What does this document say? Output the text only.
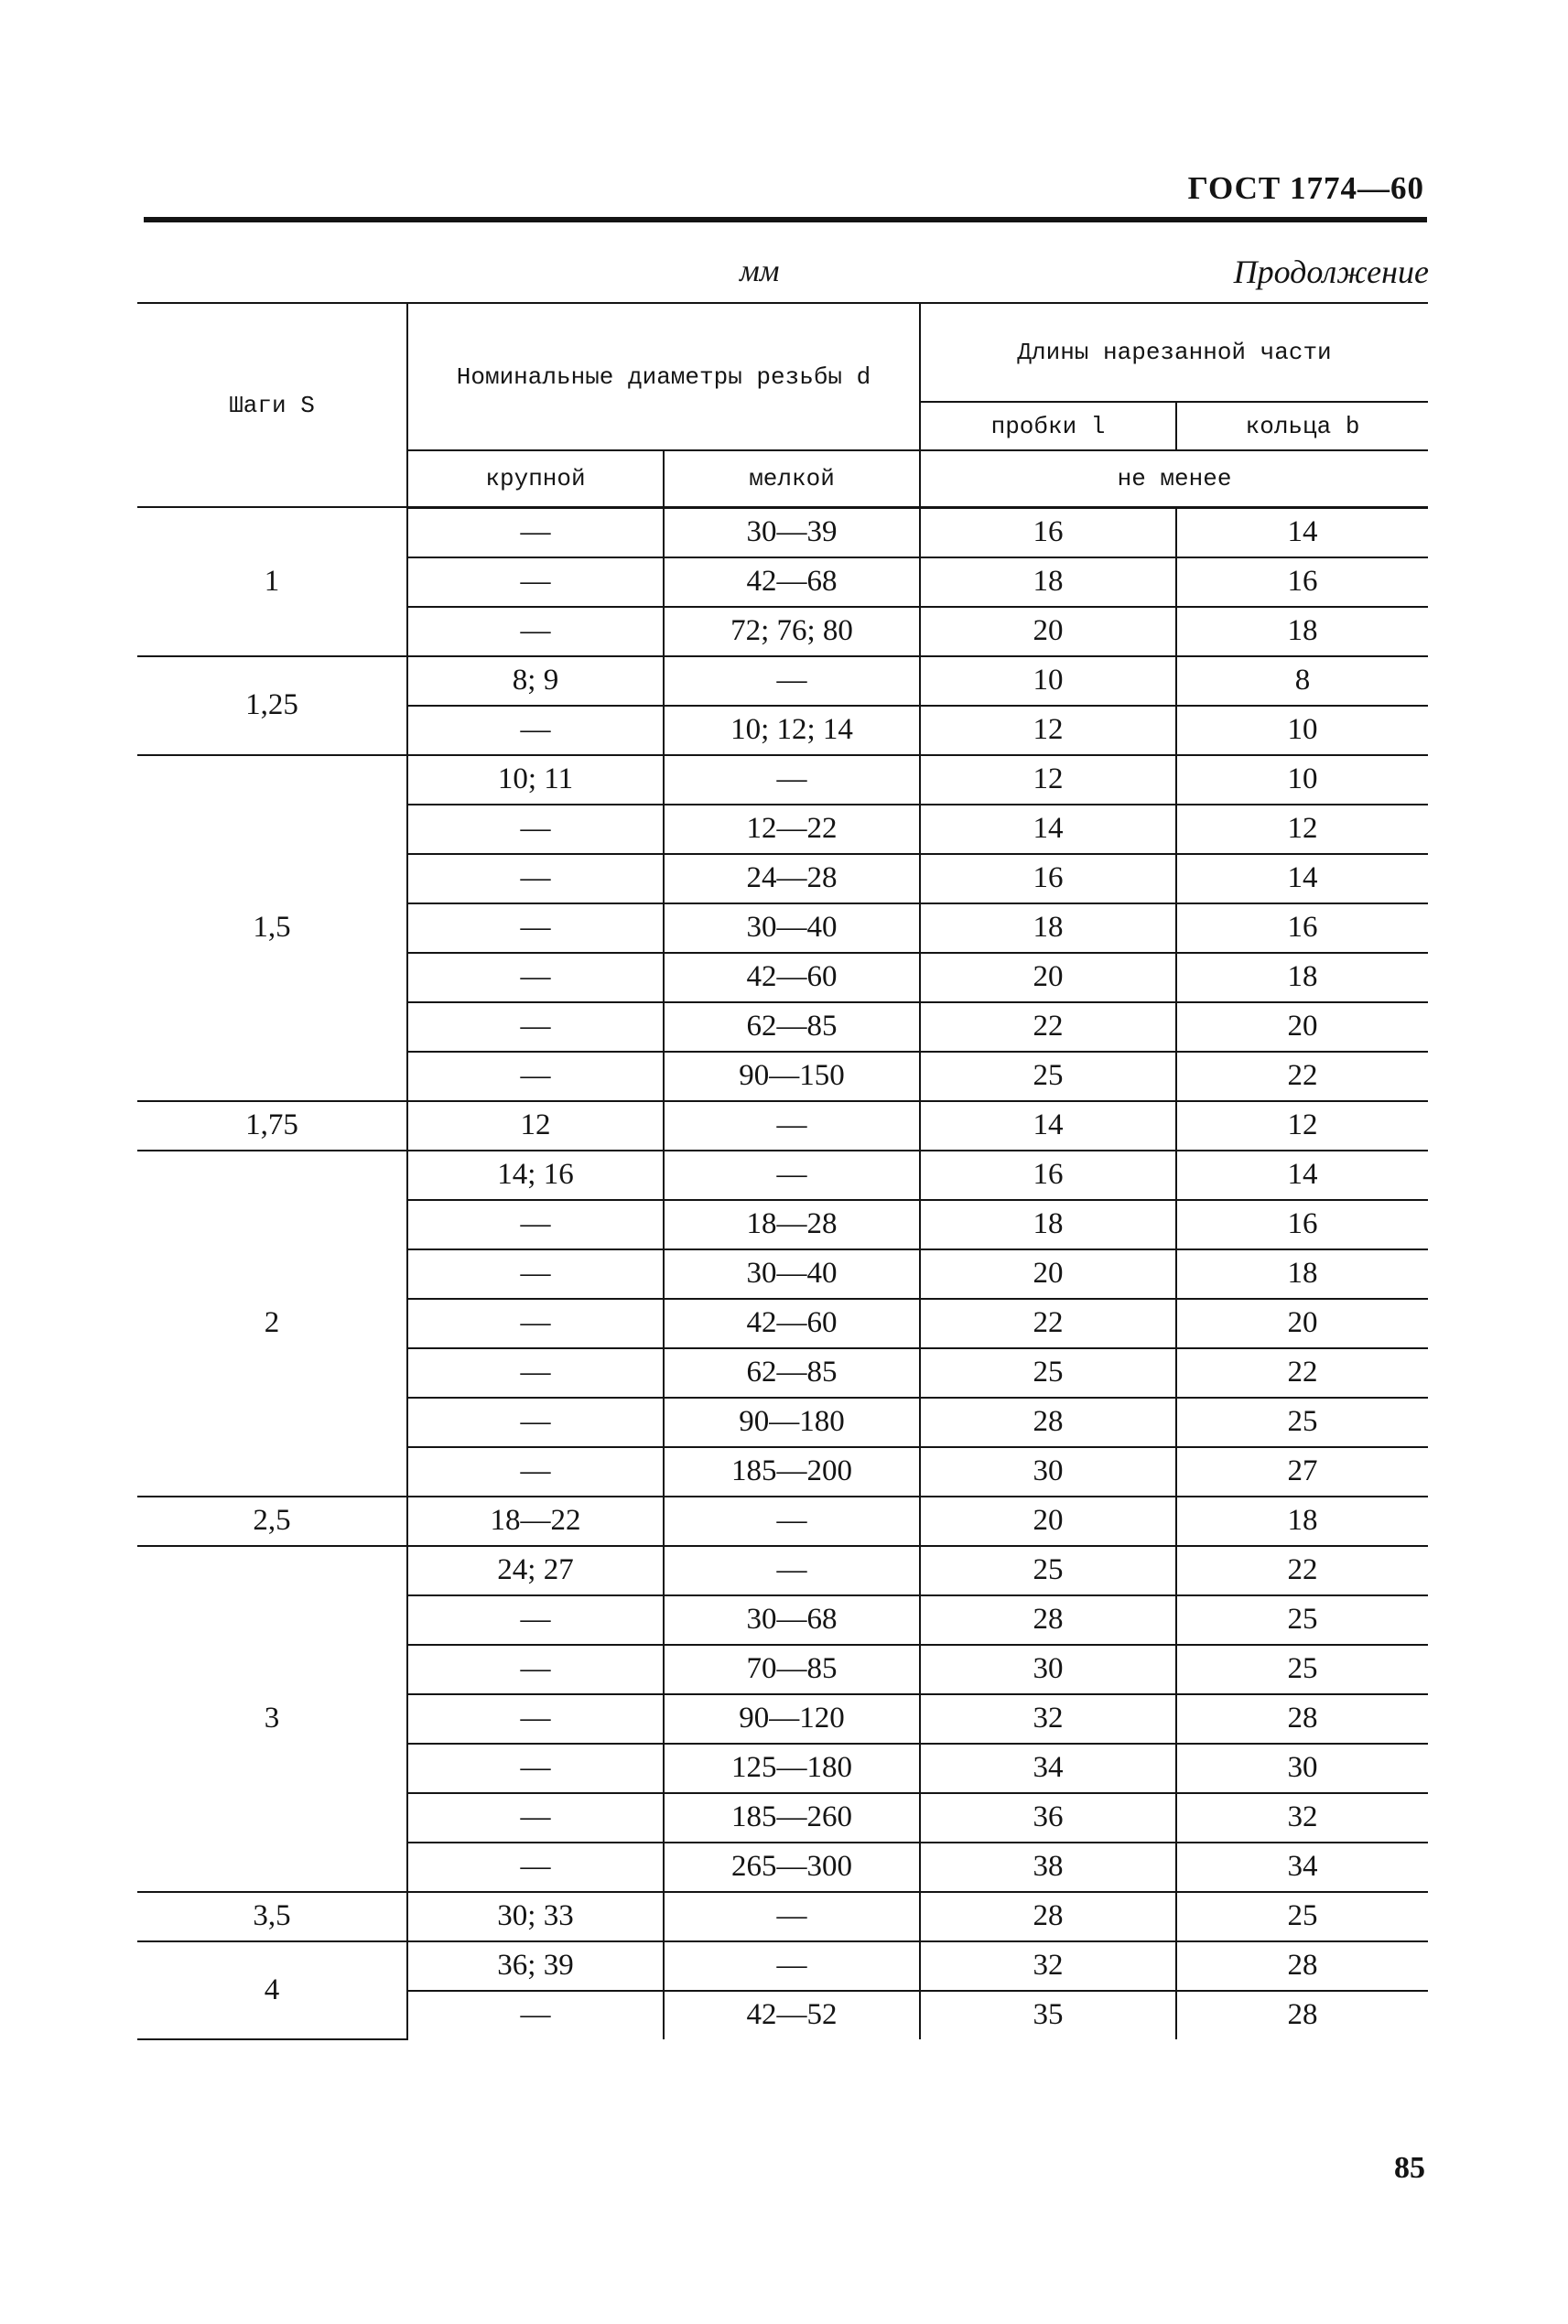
ГОСТ 1774—60
мм	Продолжение
Шаги S	Номинальные диаметры резьбы d		Длины нарезанной части	
			пробки l	кольца b
	крупной	мелкой	не менее	
1	—	30—39	16	14
	—	42—68	18	16
	—	72; 76; 80	20	18
1,25	8; 9	—	10	8
	—	10; 12; 14	12	10
1,5	10; 11	—	12	10
	—	12—22	14	12
	—	24—28	16	14
	—	30—40	18	16
	—	42—60	20	18
	—	62—85	22	20
	—	90—150	25	22
1,75	12	—	14	12
2	14; 16	—	16	14
	—	18—28	18	16
	—	30—40	20	18
	—	42—60	22	20
	—	62—85	25	22
	—	90—180	28	25
	—	185—200	30	27
2,5	18—22	—	20	18
3	24; 27	—	25	22
	—	30—68	28	25
	—	70—85	30	25
	—	90—120	32	28
	—	125—180	34	30
	—	185—260	36	32
	—	265—300	38	34
3,5	30; 33	—	28	25
4	36; 39	—	32	28
	—	42—52	35	28
85
